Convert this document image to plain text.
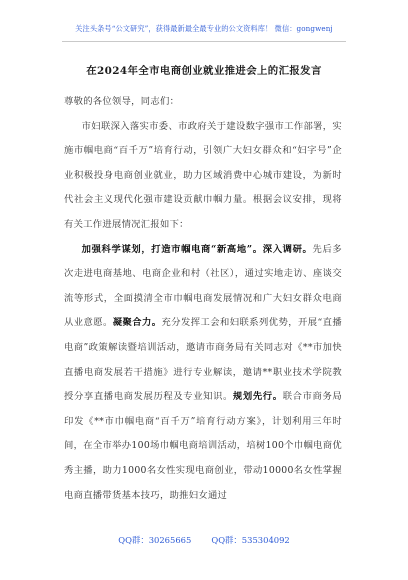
关注头条号“公文研究”，获得最新最全最专业的公文资料库！ 微信：gongwenj
在2024年全市电商创业就业推进会上的汇报发言

尊敬的各位领导，同志们：

市妇联深入落实市委、市政府关于建设数字强市工作部署，实施市帼电商“百千万”培育行动，引领广大妇女群众和“妇字号”企业积极投身电商创业就业，助力区域消费中心城市建设，为新时代社会主义现代化强市建设贡献巾帼力量。根据会议安排，现将有关工作进展情况汇报如下：

加强科学谋划，打造市帼电商“新高地”。深入调研。先后多次走进电商基地、电商企业和村（社区），通过实地走访、座谈交流等形式，全面摸清全市巾帼电商发展情况和广大妇女群众电商从业意愿。凝聚合力。充分发挥工会和妇联系列优势，开展“直播电商”政策解读暨培训活动，邀请市商务局有关同志对《**市加快直播电商发展若干措施》进行专业解读，邀请**职业技术学院教授分享直播电商发展历程及专业知识。规划先行。联合市商务局印发《**市巾帼电商“百千万”培育行动方案》，计划利用三年时间，在全市举办100场巾帼电商培训活动，培树100个巾帼电商优秀主播，助力1000名女性实现电商创业，带动10000名女性掌握电商直播带货基本技巧，助推妇女通过

QQ群：30265665 QQ群：535304092
